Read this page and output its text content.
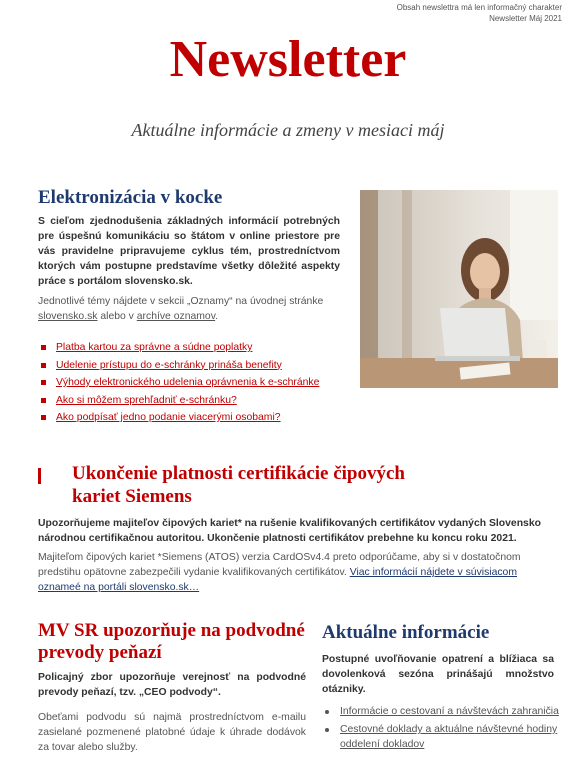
Obsah newslettra má len informačný charakter
Newsletter Máj 2021
Newsletter
Aktuálne informácie a zmeny v mesiaci máj
Elektronizácia v kocke
S cieľom zjednodušenia základných informácií potrebných pre úspešnú komunikáciu so štátom v online priestore pre vás pravidelne pripravujeme cyklus tém, prostredníctvom ktorých vám postupne predstavíme všetky dôležité aspekty práce s portálom slovensko.sk.
Jednotlivé témy nájdete v sekcii „Oznamy“ na úvodnej stránke slovensko.sk alebo v archíve oznamov.
Platba kartou za správne a súdne poplatky
Udelenie prístupu do e-schránky prináša benefity
Výhody elektronického udelenia oprávnenia k e-schránke
Ako si môžem sprehľadniť e-schránku?
Ako podpísať jedno podanie viacerými osobami?
Ukončenie platnosti certifikácie čipových kariet Siemens
Upozorňujeme majiteľov čipových kariet* na rušenie kvalifikovaných certifikátov vydaných Slovensko národnou certifikačnou autoritou. Ukončenie platnosti certifikátov prebehne ku koncu roku 2021.
Majiteľom čipových kariet *Siemens (ATOS) verzia CardOSv4.4 preto odporúčame, aby si v dostatočnom predstihu opätovne zabezpečili vydanie kvalifikovaných certifikátov. Viac informácií nájdete v súvisiacom oznameé na portáli slovensko.sk…
MV SR upozorňuje na podvodné prevody peňazí
Policajný zbor upozorňuje verejnosť na podvodné prevody peňazí, tzv. „CEO podvody“.
Obeťami podvodu sú najmä prostredníctvom e-mailu zasielané pozmenené platobné údaje k úhrade dodávok za tovar alebo služby.
Aktuálne informácie
Postupné uvoľňovanie opatrení a blížiaca sa dovolenková sezóna prinášajú množstvo otázniky.
Informácie o cestovaní a návštevách zahraničia
Cestovné doklady a aktuálne návštevné hodiny oddelení dokladov
